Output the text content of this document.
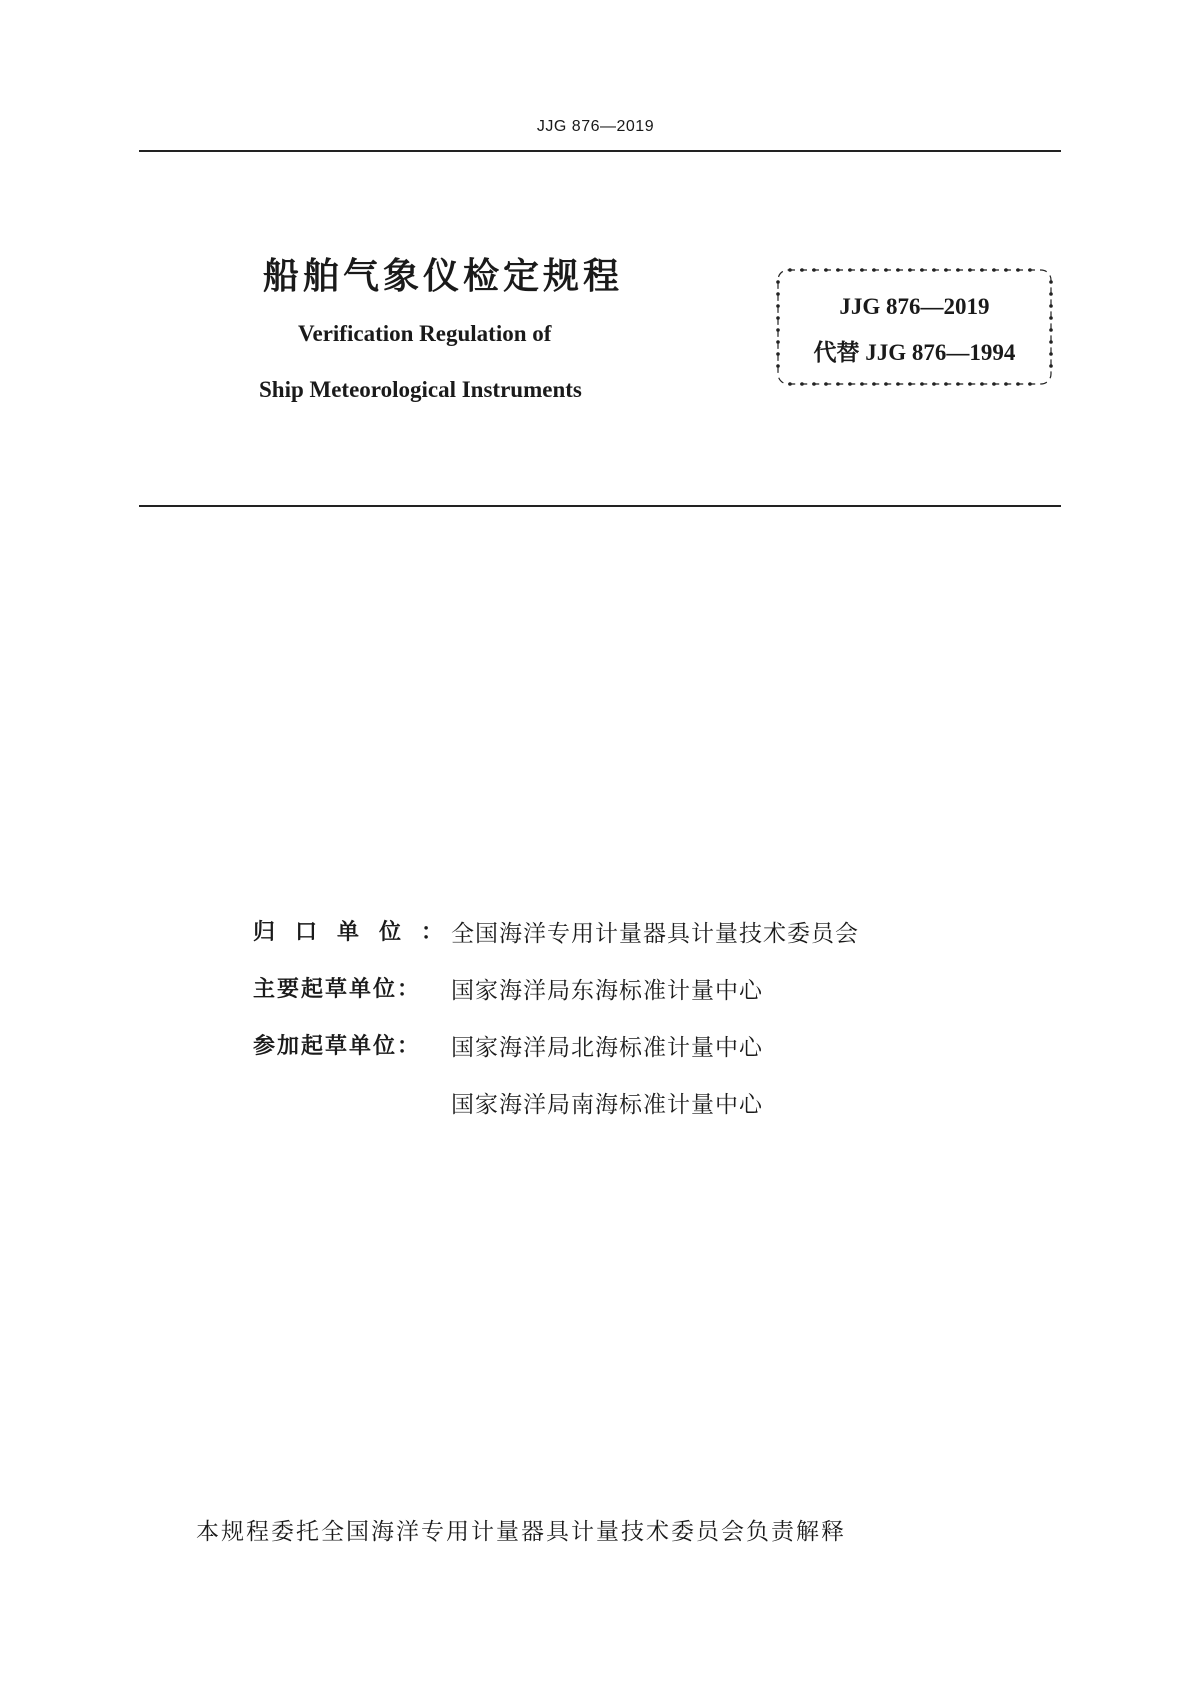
JJG 876—2019
船舶气象仪检定规程
Verification Regulation of
Ship Meteorological Instruments
JJG 876—2019
代替 JJG 876—1994
归口单位：
全国海洋专用计量器具计量技术委员会
主要起草单位：	国家海洋局东海标准计量中心
参加起草单位：	国家海洋局北海标准计量中心
国家海洋局南海标准计量中心
本规程委托全国海洋专用计量器具计量技术委员会负责解释
